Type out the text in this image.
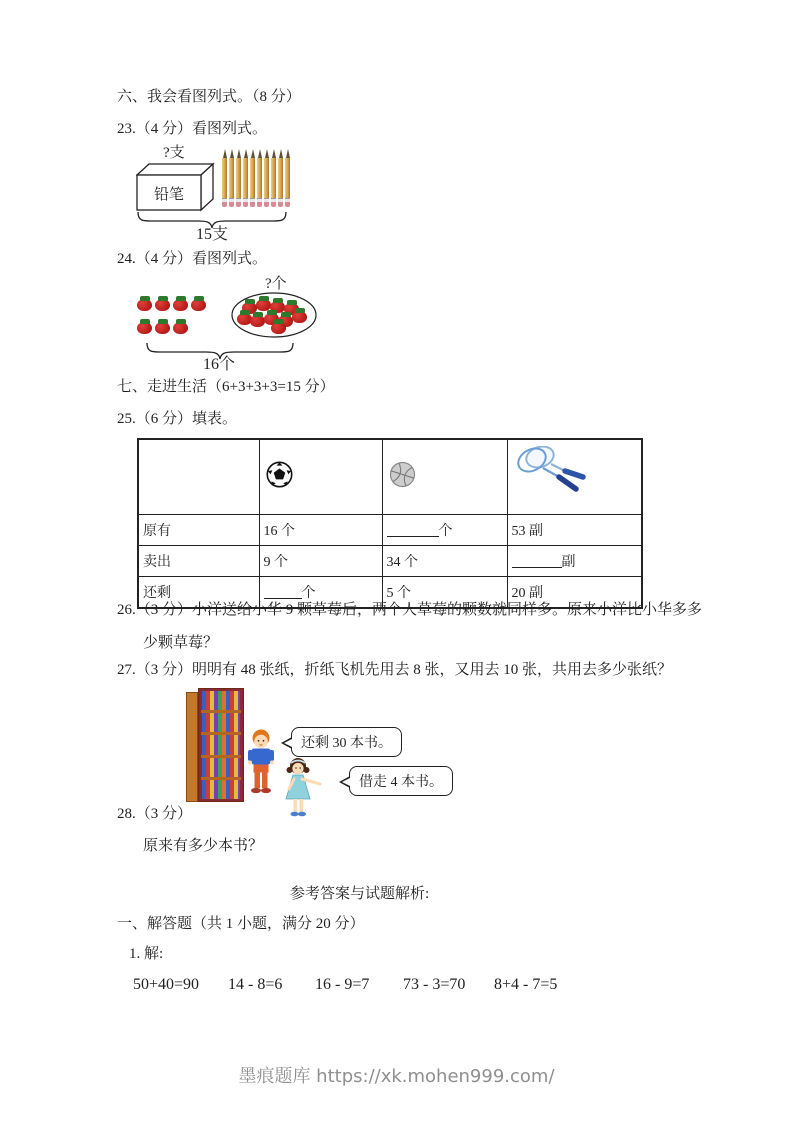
六、我会看图列式。（8 分）
23.（4 分）看图列式。
?支
铅笔
15支
24.（4 分）看图列式。
?个
16个
七、走进生活（6+3+3+3=15 分）
25.（6 分）填表。

原有	16 个	个	53 副
卖出	9 个	34 个	副
还剩	个	5 个	20 副
26.（3 分）小洋送给小华 9 颗草莓后，两个人草莓的颗数就同样多。原来小洋比小华多多
少颗草莓？
27.（3 分）明明有 48 张纸，折纸飞机先用去 8 张，又用去 10 张，共用去多少张纸？
还剩 30 本书。
借走 4 本书。
28.（3 分）
原来有多少本书？
参考答案与试题解析:
一、解答题（共 1 小题，满分 20 分）
1. 解:
50+40=90 14 - 8=6 16 - 9=7 73 - 3=70 8+4 - 7=5
墨痕题库 https://xk.mohen999.com/
